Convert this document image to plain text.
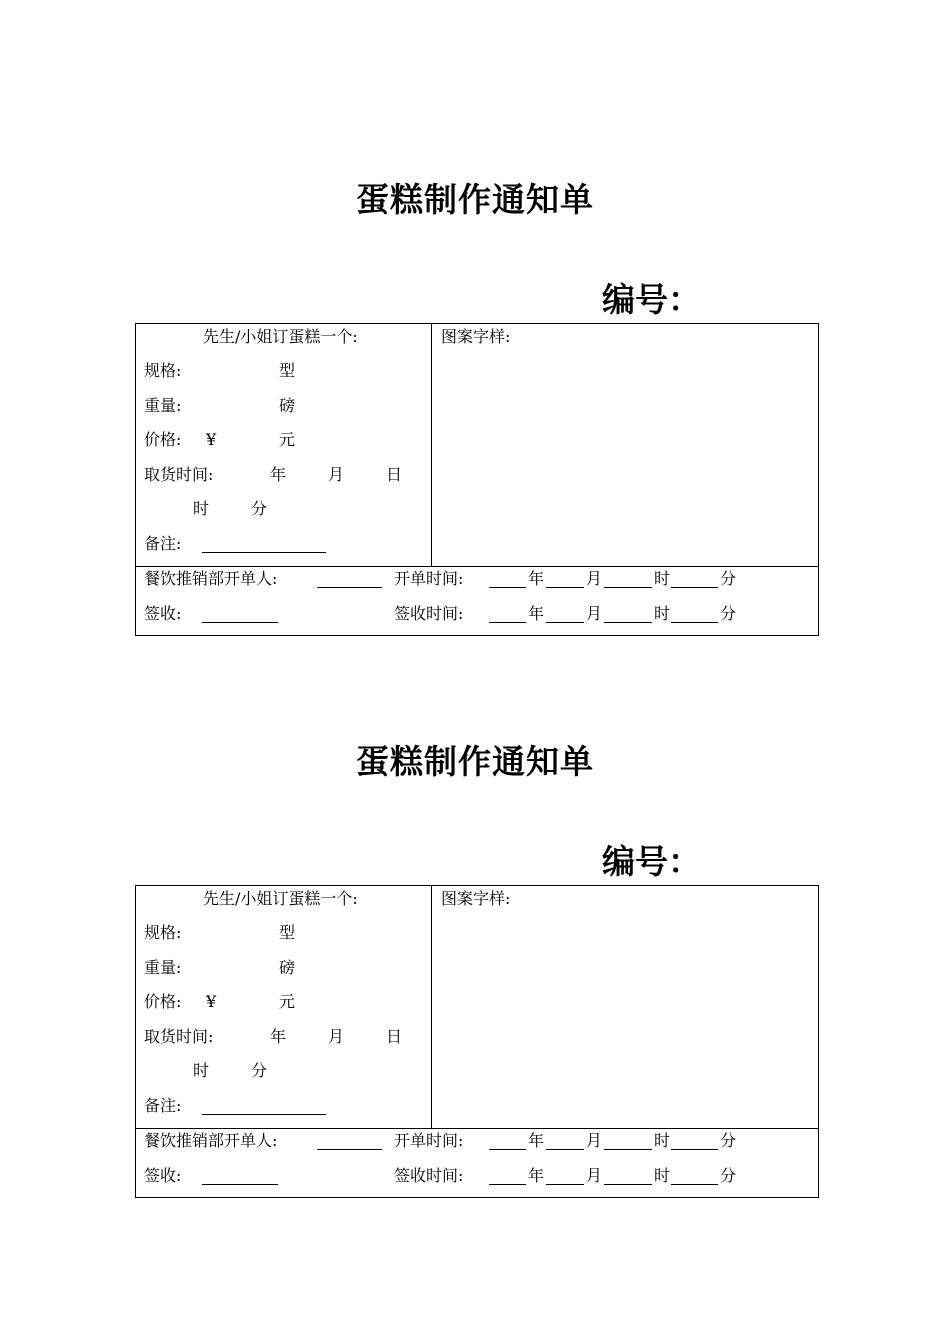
蛋糕制作通知单
编号：
先生/小姐订蛋糕一个:
规格:	型
重量:	磅
价格: ¥	元
取货时间:	年	月	日
时	分
备注:
图案字样:
餐饮推销部开单人:	开单时间:	年	月	时	分
签收:	签收时间:	年	月	时	分
蛋糕制作通知单
编号：
先生/小姐订蛋糕一个:
规格:	型
重量:	磅
价格: ¥	元
取货时间:	年	月	日
时	分
备注:
图案字样:
餐饮推销部开单人:	开单时间:	年	月	时	分
签收:	签收时间:	年	月	时	分
